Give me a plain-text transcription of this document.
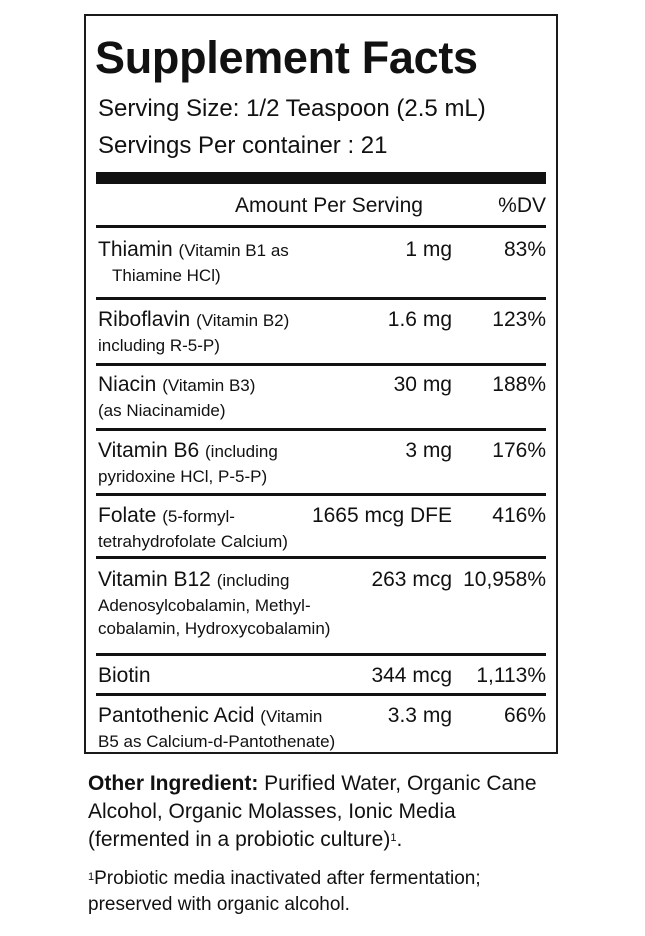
Supplement Facts
Serving Size: 1/2 Teaspoon (2.5 mL)
Servings Per container : 21
Amount Per Serving	%DV
Thiamin (Vitamin B1 as
Thiamine HCl)
1 mg 83%
Riboflavin (Vitamin B2)
including R-5-P)
1.6 mg 123%
Niacin (Vitamin B3)
(as Niacinamide)
30 mg 188%
Vitamin B6 (including
pyridoxine HCl, P-5-P)
3 mg 176%
Folate (5-formyl-
tetrahydrofolate Calcium)
1665 mcg DFE 416%
Vitamin B12 (including
Adenosylcobalamin, Methyl-
cobalamin, Hydroxycobalamin)
263 mcg 10,958%
Biotin	344 mcg 1,113%
Pantothenic Acid (Vitamin
B5 as Calcium-d-Pantothenate)
3.3 mg 66%
Other Ingredient: Purified Water, Organic Cane Alcohol, Organic Molasses, Ionic Media (fermented in a probiotic culture)$^1$.
$^1$Probiotic media inactivated after fermentation; preserved with organic alcohol.
